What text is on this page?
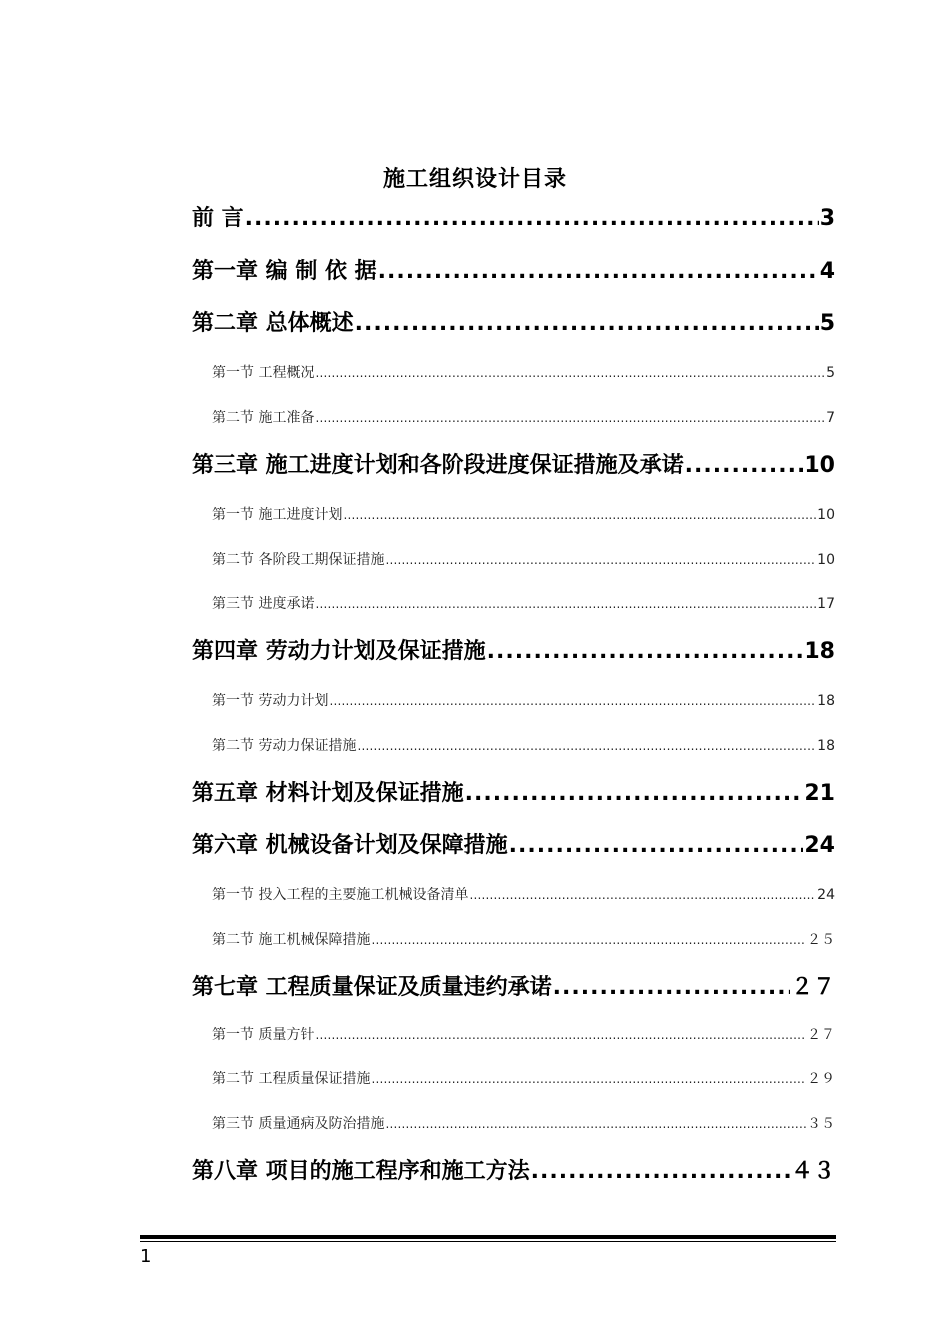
施工组织设计目录
前 言 .....	3
第一章 编 制 依 据 .....	4
第二章 总体概述 .....	5
第一节 工程概况 .....	5
第二节 施工准备 .....	7
第三章 施工进度计划和各阶段进度保证措施及承诺 .....	10
第一节 施工进度计划 .....	10
第二节 各阶段工期保证措施 .....	10
第三节 进度承诺 .....	17
第四章 劳动力计划及保证措施 .....	18
第一节 劳动力计划 .....	18
第二节 劳动力保证措施 .....	18
第五章 材料计划及保证措施 .....	21
第六章 机械设备计划及保障措施 .....	24
第一节 投入工程的主要施工机械设备清单 .....	24
第二节 施工机械保障措施 .....	２５
第七章 工程质量保证及质量违约承诺 .....	２７
第一节 质量方针 .....	２７
第二节 工程质量保证措施 .....	２９
第三节 质量通病及防治措施 .....	３５
第八章 项目的施工程序和施工方法 .....	４３
1
